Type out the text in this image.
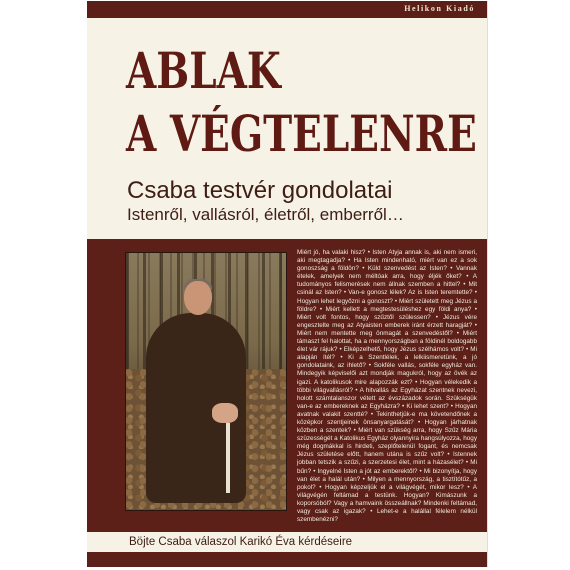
Helikon Kiadó
ABLAK
A VÉGTELENRE
Csaba testvér gondolatai
Istenről, vallásról, életről, emberről…
Miért jó, ha valaki hisz? • Isten Atyja annak is, aki nem ismeri, aki megtagadja? • Ha Isten mindenható, miért van ez a sok gonoszság a földön? • Küld szenvedést az Isten? • Vannak ételek, amelyek nem méltóak arra, hogy éljék őket? • A tudományos felismerések nem állnak szemben a hittel? • Mit csinál az Isten? • Van-e gonosz lélek? Az is Isten teremtette? • Hogyan lehet legyőzni a gonoszt? • Miért született meg Jézus a földre? • Miért kellett a megtestesüléshez egy földi anya? • Miért volt fontos, hogy szűztől szülessen? • Jézus vére engesztelte meg az Atyaisten emberek iránt érzett haragját? • Miért nem mentette meg önmagát a szenvedéstől? • Miért támaszt fel halottat, ha a mennyországban a földinél boldogabb élet vár rájuk? • Elképzelhető, hogy Jézus szélhámos volt? • Mi alapján ítél? • Ki a Szentlélek, a lelkiismeretünk, a jó gondolataink, az ihlető? • Sokféle vallás, sokféle egyház van. Mindegyik képviselői azt mondják magukról, hogy az övék az igazi. A katolikusok mire alapozzák ezt? • Hogyan vélekedik a többi világvallásról? • A hitvallás az Egyházat szentnek nevezi, holott számtalanszor vétett az évszázadok során. Szükségük van-e az embereknek az Egyházra? • Ki lehet szent? • Hogyan avatnak valakit szentté? • Tekinthetjük-e ma követendőnek a középkor szentjeinek önsanyargatását? • Hogyan járhatnak közben a szentek? • Miért van szükség arra, hogy Szűz Mária szüzességét a Katolikus Egyház olyannyira hangsúlyozza, hogy még dogmákkal is hirdeti, szeplőtelenül fogant, és nemcsak Jézus születése előtt, hanem utána is szűz volt? • Istennek jobban tetszik a szűzi, a szerzetesi élet, mint a házasélet? • Mi bűn? • Ingyelné Isten a jót az emberektől? • Mi bizonyítja, hogy van élet a halál után? • Milyen a mennyország, a tisztítótűz, a pokol? • Hogyan képzeljük el a világvégét, mikor lesz? • A világvégén feltámad a testünk. Hogyan? Kimászunk a koporsóból? Vagy a hamvaink összeállnak? Mindenki feltámad, vagy csak az igazak? • Lehet-e a halállal félelem nélkül szembenézni?
Böjte Csaba válaszol Karikó Éva kérdéseire
